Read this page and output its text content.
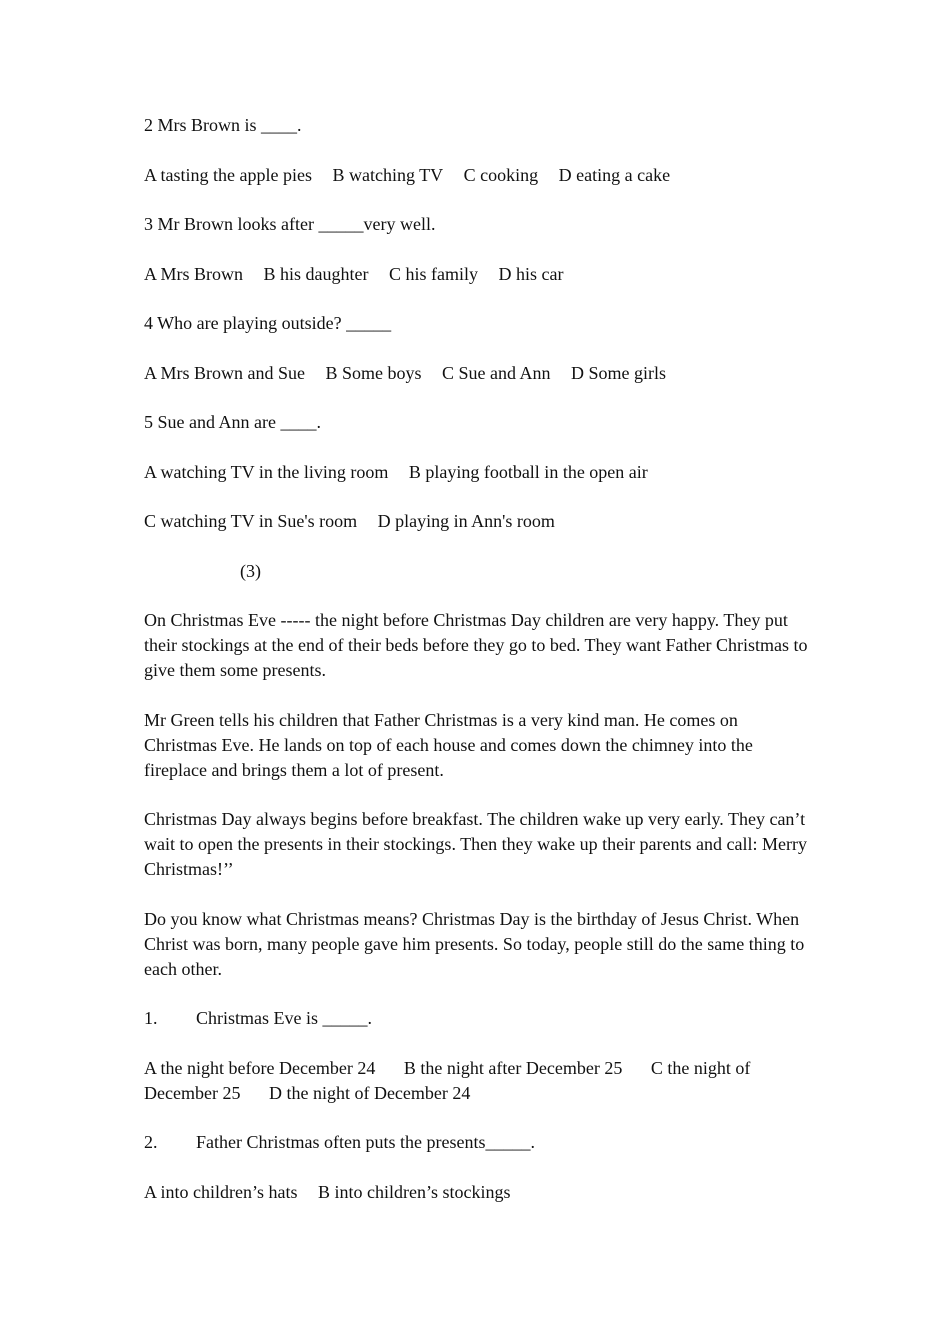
2 Mrs Brown is ____.

A tasting the apple pies B watching TV C cooking D eating a cake

3 Mr Brown looks after _____very well.

A Mrs Brown B his daughter C his family D his car

4 Who are playing outside? _____

A Mrs Brown and Sue B Some boys C Sue and Ann D Some girls

5 Sue and Ann are ____.

A watching TV in the living room B playing football in the open air

C watching TV in Sue's room D playing in Ann's room

(3)

On Christmas Eve ----- the night before Christmas Day children are very happy. They put their stockings at the end of their beds before they go to bed. They want Father Christmas to give them some presents.

Mr Green tells his children that Father Christmas is a very kind man. He comes on Christmas Eve. He lands on top of each house and comes down the chimney into the fireplace and brings them a lot of present.

Christmas Day always begins before breakfast. The children wake up very early. They can’t wait to open the presents in their stockings. Then they wake up their parents and call: Merry Christmas!’’

Do you know what Christmas means? Christmas Day is the birthday of Jesus Christ. When Christ was born, many people gave him presents. So today, people still do the same thing to each other.

1.	Christmas Eve is _____.

A the night before December 24 B the night after December 25 C the night of December 25 D the night of December 24

2.	Father Christmas often puts the presents_____.

A into children’s hats B into children’s stockings
